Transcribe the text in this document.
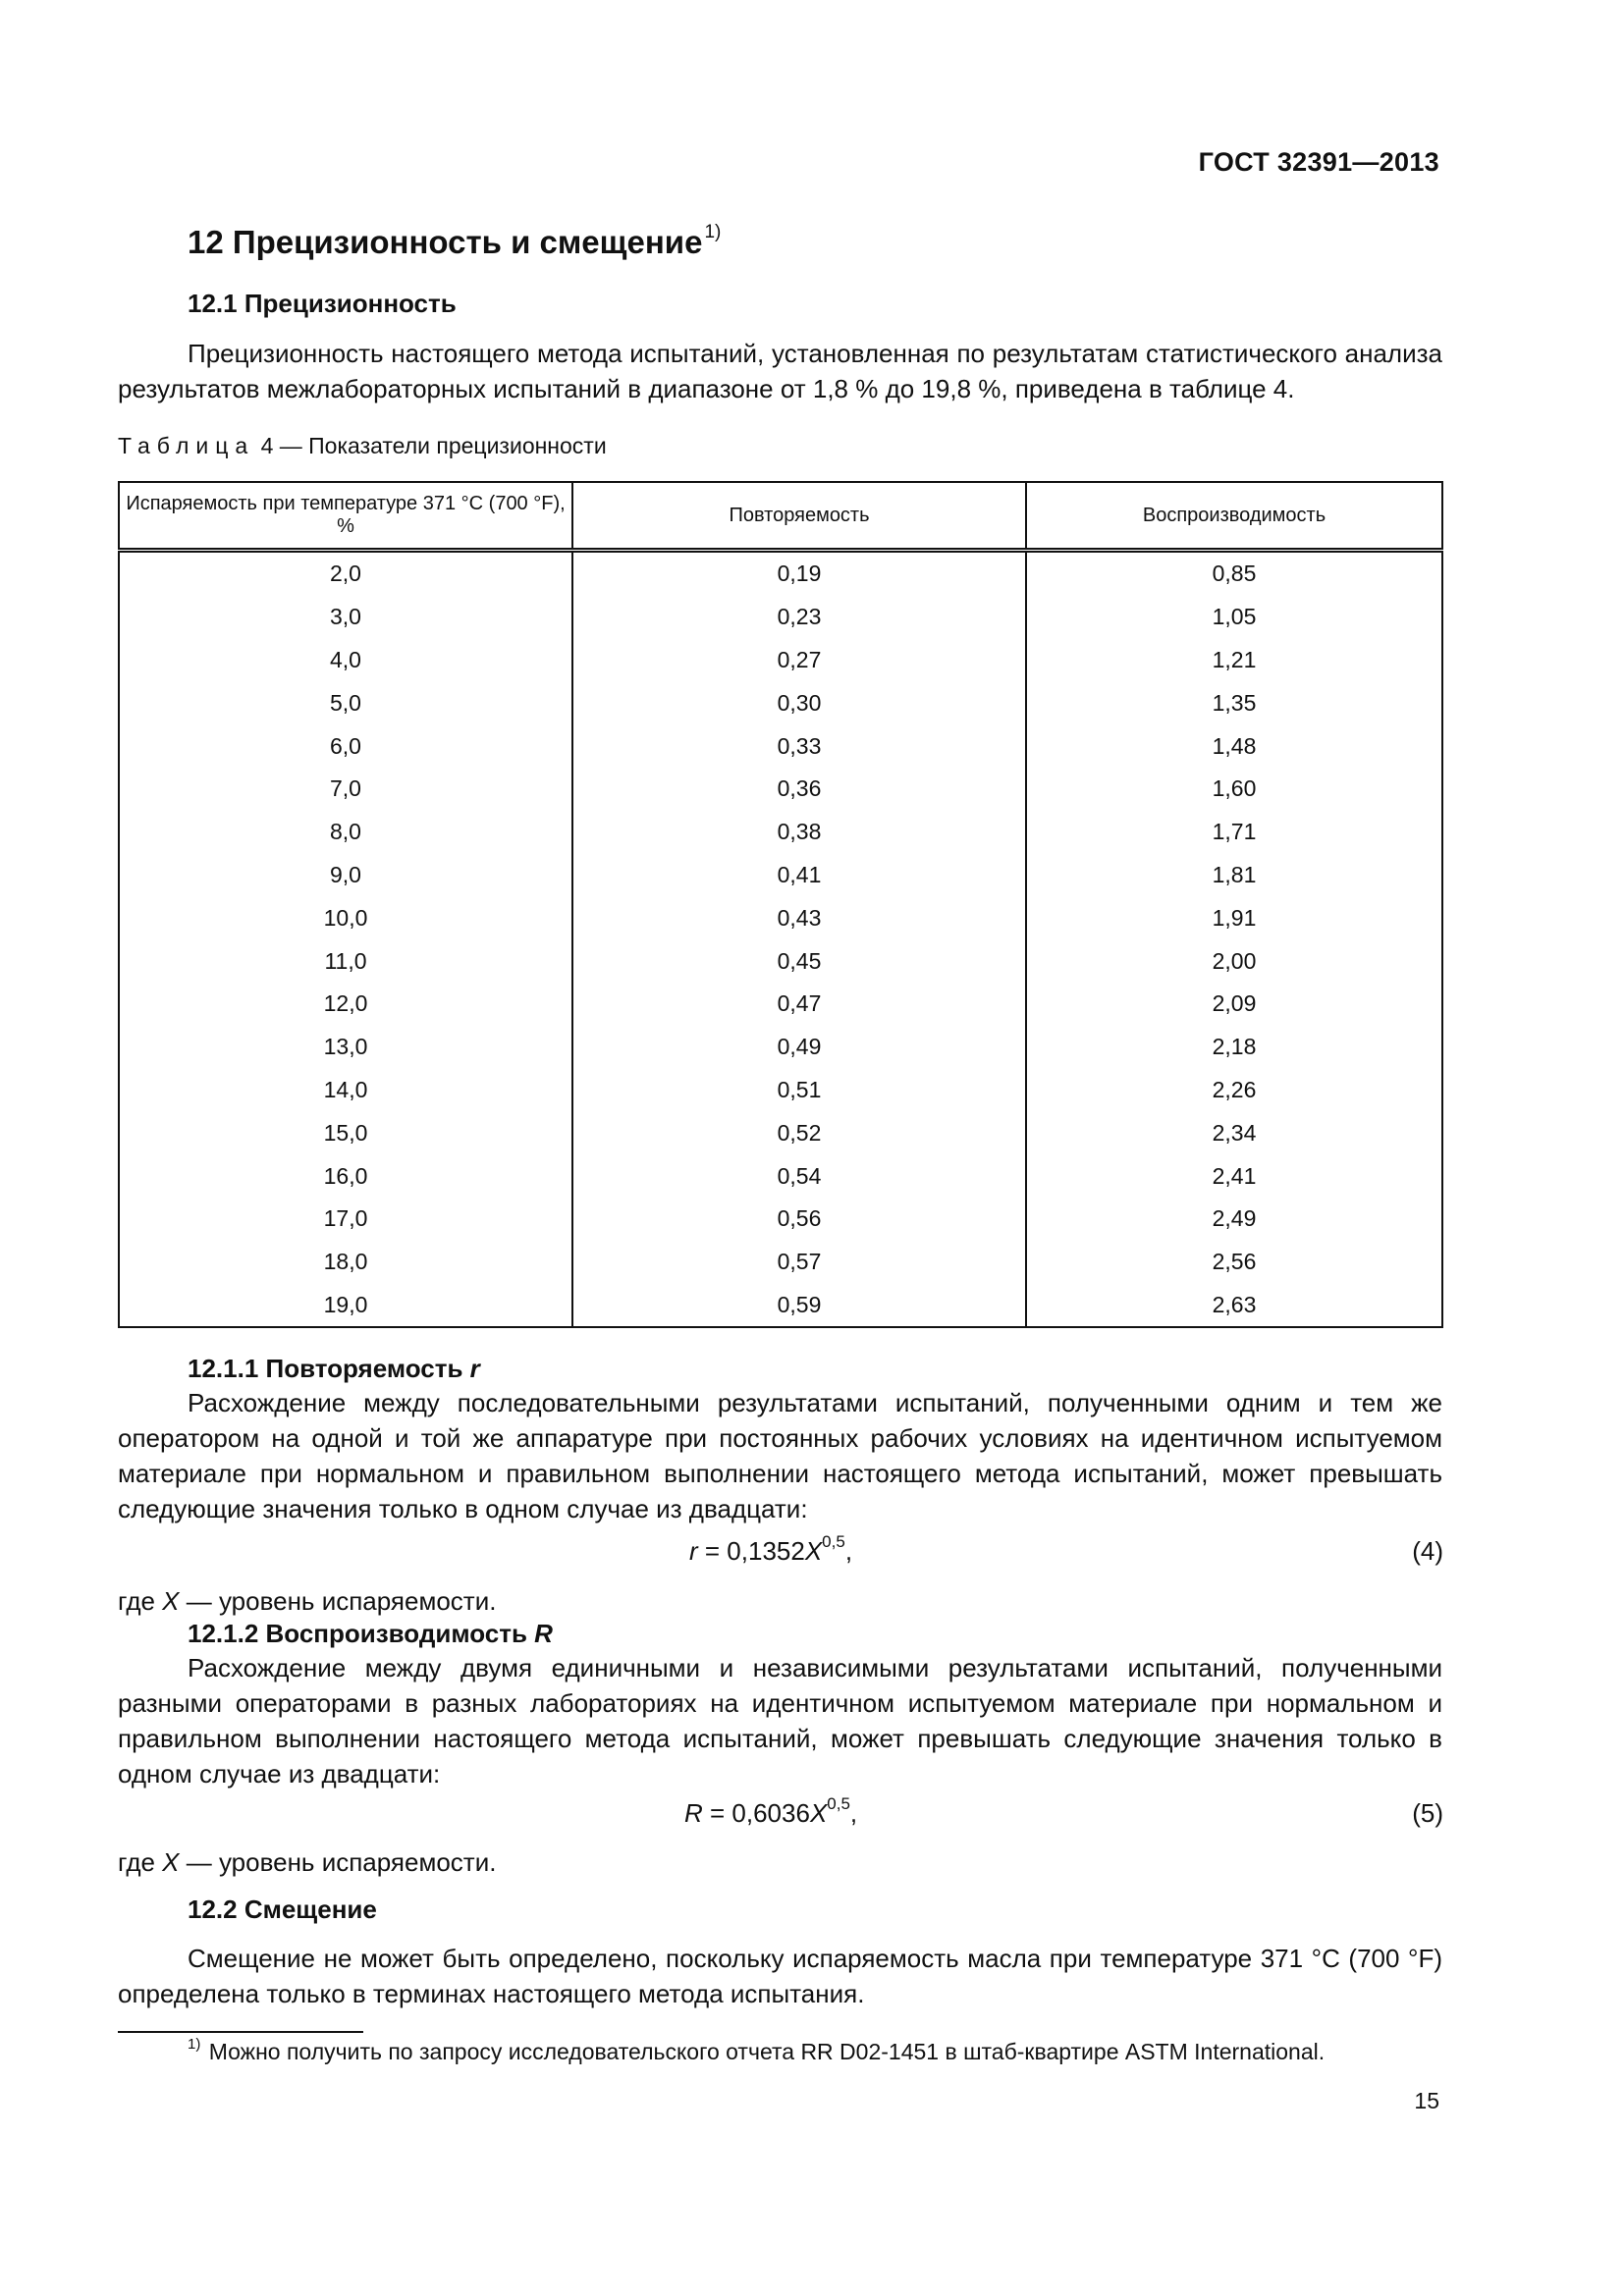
ГОСТ 32391—2013
12 Прецизионность и смещение $^{1)}$
12.1 Прецизионность
Прецизионность настоящего метода испытаний, установленная по результатам статистического анализа результатов межлабораторных испытаний в диапазоне от 1,8 % до 19,8 %, приведена в таблице 4.
Таблица 4 — Показатели прецизионности
Испаряемость при температуре 371 °С (700 °F), %	Повторяемость	Воспроизводимость
2,0	0,19	0,85
3,0	0,23	1,05
4,0	0,27	1,21
5,0	0,30	1,35
6,0	0,33	1,48
7,0	0,36	1,60
8,0	0,38	1,71
9,0	0,41	1,81
10,0	0,43	1,91
11,0	0,45	2,00
12,0	0,47	2,09
13,0	0,49	2,18
14,0	0,51	2,26
15,0	0,52	2,34
16,0	0,54	2,41
17,0	0,56	2,49
18,0	0,57	2,56
19,0	0,59	2,63
12.1.1 Повторяемость r
Расхождение между последовательными результатами испытаний, полученными одним и тем же оператором на одной и той же аппаратуре при постоянных рабочих условиях на идентичном испытуемом материале при нормальном и правильном выполнении настоящего метода испытаний, может превышать следующие значения только в одном случае из двадцати:
$r = 0,1352X^{0,5}$,	(4)
где X — уровень испаряемости.
12.1.2 Воспроизводимость R
Расхождение между двумя единичными и независимыми результатами испытаний, полученными разными операторами в разных лабораториях на идентичном испытуемом материале при нормальном и правильном выполнении настоящего метода испытаний, может превышать следующие значения только в одном случае из двадцати:
$R = 0,6036X^{0,5}$,	(5)
где X — уровень испаряемости.
12.2 Смещение
Смещение не может быть определено, поскольку испаряемость масла при температуре 371 °С (700 °F) определена только в терминах настоящего метода испытания.
$^{1)}$ Можно получить по запросу исследовательского отчета RR D02-1451 в штаб-квартире ASTM International.
15
